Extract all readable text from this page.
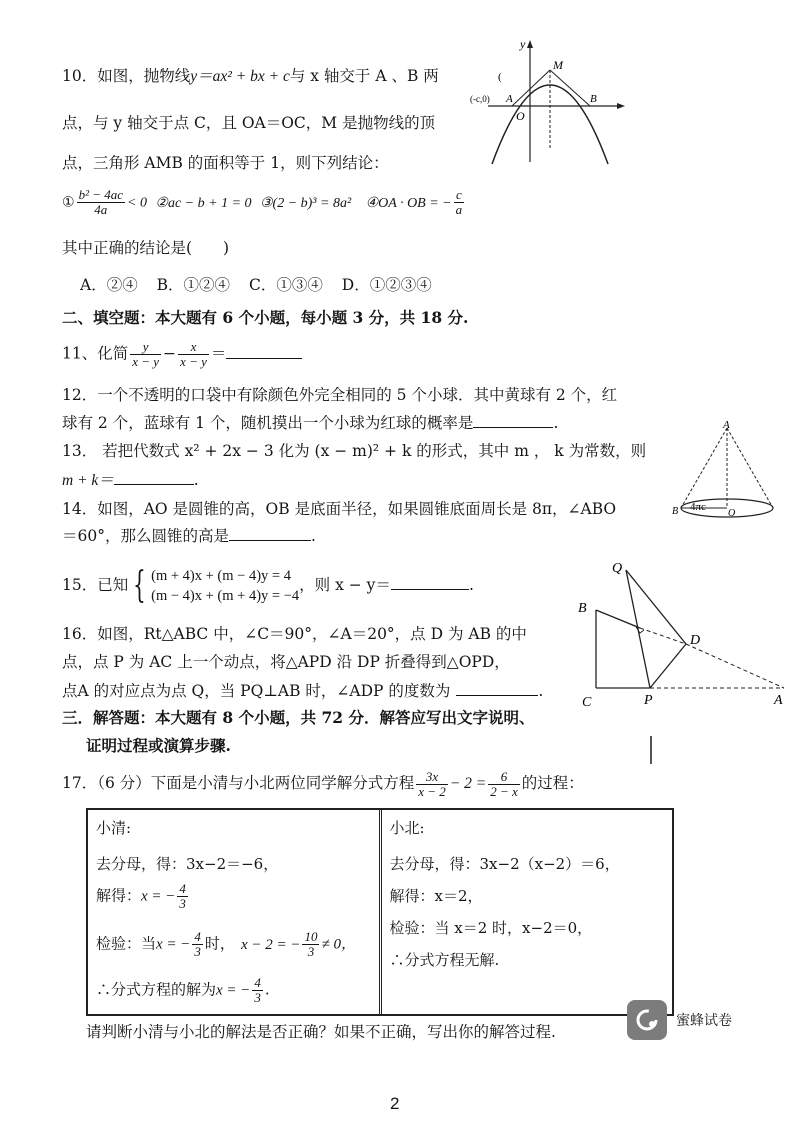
10．如图，抛物线y＝ax² + bx + c与 x 轴交于 A 、B 两
点，与 y 轴交于点 C，且 OA＝OC，M 是抛物线的顶
点，三角形 AMB 的面积等于 1，则下列结论：
① $\frac{\text{b² − 4ac}}{4a} < 0$ ②ac − b + 1 = 0 ③(2 − b)³ = 8a² ④OA · OB = − $\frac{c}{a}$
其中正确的结论是(　　)
A．②④ B．①②④ C．①③④ D．①②③④
y
M
O
A	B
(
(-c,0)
二、填空题：本大题有 6 个小题，每小题 3 分，共 18 分.
11、化简 $\frac{y}{x - y} - \frac{x}{x - y}$ ＝
12．一个不透明的口袋中有除颜色外完全相同的 5 个小球．其中黄球有 2 个，红
球有 2 个，蓝球有 1 个，随机摸出一个小球为红球的概率是	.
13． 若把代数式 x² + 2x − 3 化为 (x − m)² + k 的形式，其中 m ， k 为常数，则
m + k＝	.
14．如图，AO 是圆锥的高，OB 是底面半径，如果圆锥底面周长是 8π，∠ABO
＝60°，那么圆锥的高是	.
A
B	O
4πc
15．已知 { (m + 4)x + (m − 4)y = 4
(m − 4)x + (m + 4)y = −4
，则 x − y＝	.
16．如图，Rt△ABC 中，∠C＝90°，∠A＝20°，点 D 为 AB 的中
点，点 P 为 AC 上一个动点，将△APD 沿 DP 折叠得到△OPD，
点A 的对应点为点 Q，当 PQ⊥AB 时，∠ADP 的度数为	.
Q
B
D
C	P	A
三．解答题：本大题有 8 个小题，共 72 分．解答应写出文字说明、
证明过程或演算步骤.
17．（6 分）下面是小清与小北两位同学解分式方程 $\frac{3x}{x - 2} - 2 = \frac{6}{2 - x}$ 的过程：
小清:
去分母，得：3x−2＝−6，
解得：x = − $\frac{4}{3}$
检验：当x = − $\frac{4}{3}$ 时， x − 2 = − $\frac{10}{3} \ne 0$，
∴分式方程的解为x = − $\frac{4}{3}$ .
小北:
去分母，得：3x−2（x−2）＝6，
解得：x＝2，
检验：当 x＝2 时，x−2＝0，
∴分式方程无解.
请判断小清与小北的解法是否正确？如果不正确，写出你的解答过程.
蜜蜂试卷
2
